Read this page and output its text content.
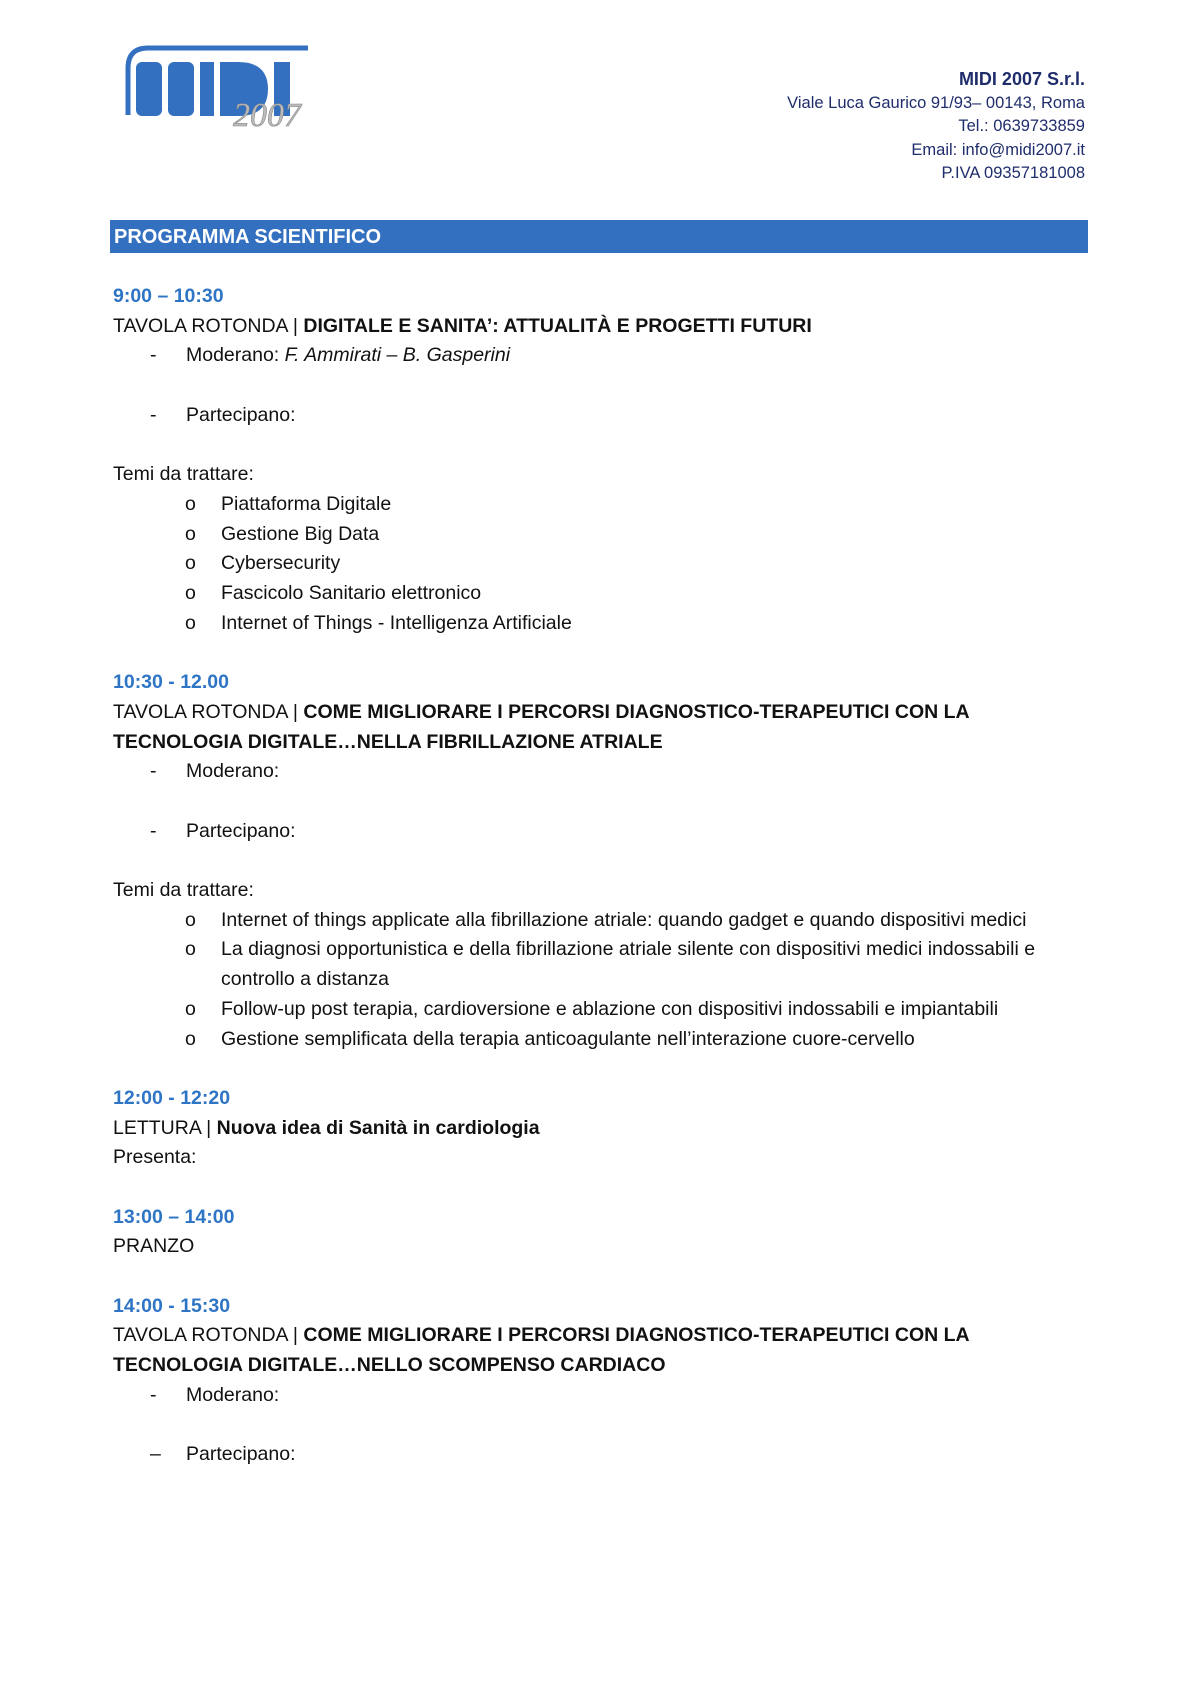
2007
MIDI 2007 S.r.l.
Viale Luca Gaurico 91/93– 00143, Roma
Tel.: 0639733859
Email: info@midi2007.it
P.IVA 09357181008
PROGRAMMA SCIENTIFICO
9:00 – 10:30
TAVOLA ROTONDA | DIGITALE E SANITA’: ATTUALITÀ E PROGETTI FUTURI
- Moderano: F. Ammirati – B. Gasperini
- Partecipano:
Temi da trattare:
o Piattaforma Digitale
o Gestione Big Data
o Cybersecurity
o Fascicolo Sanitario elettronico
o Internet of Things - Intelligenza Artificiale
10:30 - 12.00
TAVOLA ROTONDA | COME MIGLIORARE I PERCORSI DIAGNOSTICO-TERAPEUTICI CON LA TECNOLOGIA DIGITALE…NELLA FIBRILLAZIONE ATRIALE
- Moderano:
- Partecipano:
Temi da trattare:
o Internet of things applicate alla fibrillazione atriale: quando gadget e quando dispositivi medici
o La diagnosi opportunistica e della fibrillazione atriale silente con dispositivi medici indossabili e controllo a distanza
o Follow-up post terapia, cardioversione e ablazione con dispositivi indossabili e impiantabili
o Gestione semplificata della terapia anticoagulante nell’interazione cuore-cervello
12:00 - 12:20
LETTURA | Nuova idea di Sanità in cardiologia
Presenta:
13:00 – 14:00
PRANZO
14:00 - 15:30
TAVOLA ROTONDA | COME MIGLIORARE I PERCORSI DIAGNOSTICO-TERAPEUTICI CON LA TECNOLOGIA DIGITALE…NELLO SCOMPENSO CARDIACO
- Moderano:
– Partecipano:
